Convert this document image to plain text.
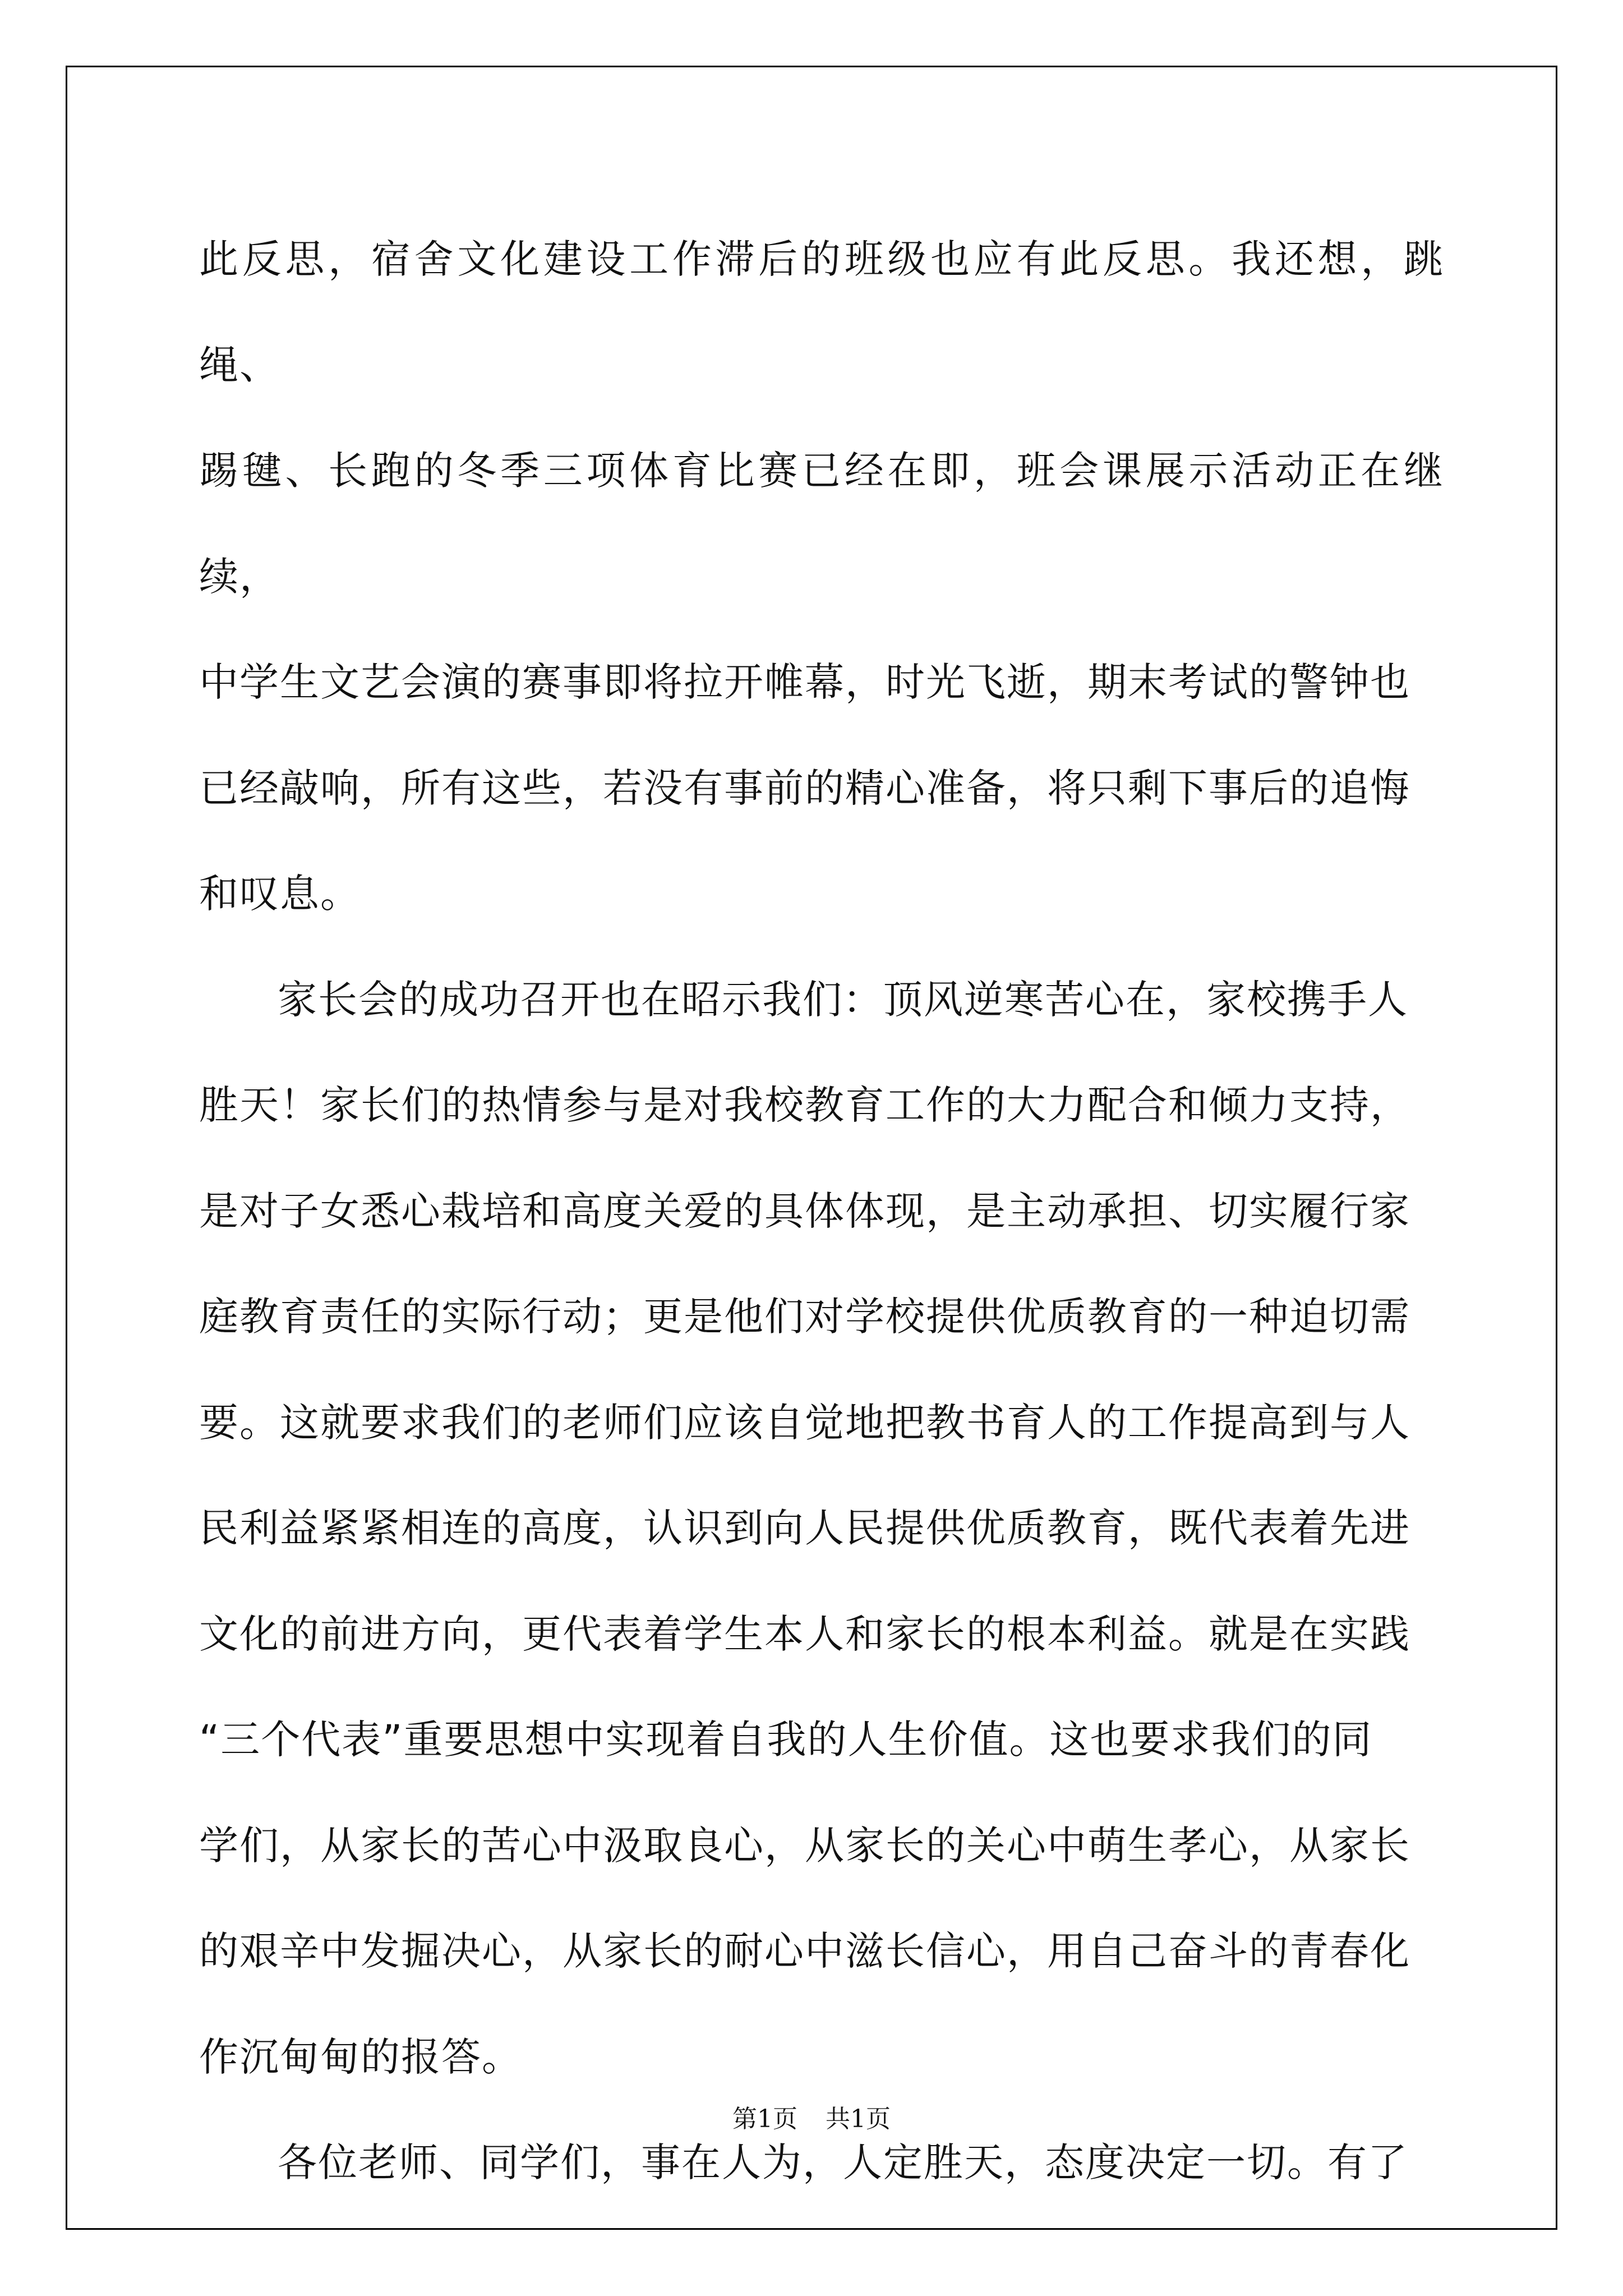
此反思，宿舍文化建设工作滞后的班级也应有此反思。我还想，跳绳、
踢毽、长跑的冬季三项体育比赛已经在即，班会课展示活动正在继续，
中学生文艺会演的赛事即将拉开帷幕，时光飞逝，期末考试的警钟也
已经敲响，所有这些，若没有事前的精心准备，将只剩下事后的追悔
和叹息。

家长会的成功召开也在昭示我们：顶风逆寒苦心在，家校携手人
胜天！家长们的热情参与是对我校教育工作的大力配合和倾力支持，
是对子女悉心栽培和高度关爱的具体体现，是主动承担、切实履行家
庭教育责任的实际行动；更是他们对学校提供优质教育的一种迫切需
要。这就要求我们的老师们应该自觉地把教书育人的工作提高到与人
民利益紧紧相连的高度，认识到向人民提供优质教育，既代表着先进
文化的前进方向，更代表着学生本人和家长的根本利益。就是在实践
“三个代表”重要思想中实现着自我的人生价值。这也要求我们的同
学们，从家长的苦心中汲取良心，从家长的关心中萌生孝心，从家长
的艰辛中发掘决心，从家长的耐心中滋长信心，用自己奋斗的青春化
作沉甸甸的报答。

各位老师、同学们，事在人为，人定胜天，态度决定一切。有了

第1页 共1页
